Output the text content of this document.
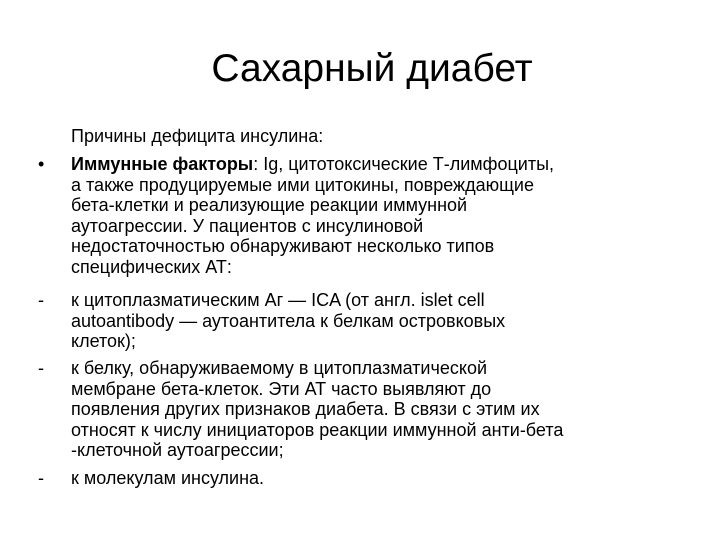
Сахарный диабет
Причины дефицита инсулина:
•	Иммунные факторы: Ig, цитотоксические Т-лимфоциты,
а также продуцируемые ими цитокины, повреждающие
бета-клетки и реализующие реакции иммунной
аутоагрессии. У пациентов с инсулиновой
недостаточностью обнаруживают несколько типов
специфических АТ:
-	к цитоплазматическим Аг — ICA (от англ. islet cell
autoantibody — аутоантитела к белкам островковых
клеток);
-	к белку, обнаруживаемому в цитоплазматической
мембране бета-клеток. Эти АТ часто выявляют до
появления других признаков диабета. В связи с этим их
относят к числу инициаторов реакции иммунной анти-бета
-клеточной аутоагрессии;
-	к молекулам инсулина.
